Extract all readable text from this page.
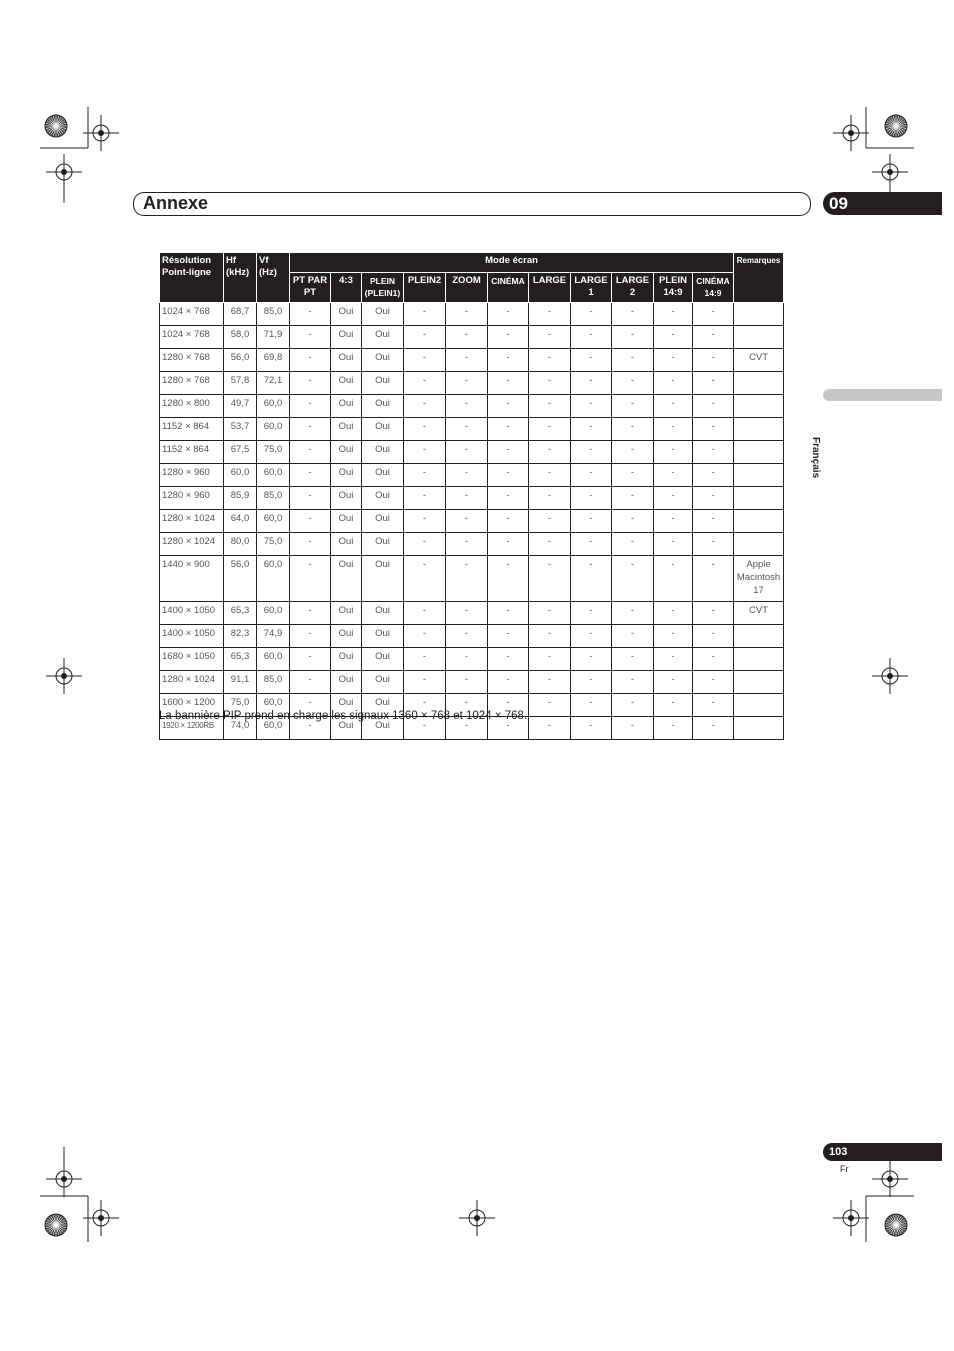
Annexe	09
Français
Résolution Point-ligne	Hf (kHz)	Vf (Hz)	Mode écran											Remarques
			PT PAR PT	4:3	PLEIN (PLEIN1)	PLEIN2	ZOOM	CINÉMA	LARGE	LARGE 1	LARGE 2	PLEIN 14:9	CINÉMA 14:9	
1024 × 768	68,7	85,0	-	Oui	Oui	-	-	-	-	-	-	-	-	
1024 × 768	58,0	71,9	-	Oui	Oui	-	-	-	-	-	-	-	-	
1280 × 768	56,0	69,8	-	Oui	Oui	-	-	-	-	-	-	-	-	CVT
1280 × 768	57,8	72,1	-	Oui	Oui	-	-	-	-	-	-	-	-	
1280 × 800	49,7	60,0	-	Oui	Oui	-	-	-	-	-	-	-	-	
1152 × 864	53,7	60,0	-	Oui	Oui	-	-	-	-	-	-	-	-	
1152 × 864	67,5	75,0	-	Oui	Oui	-	-	-	-	-	-	-	-	
1280 × 960	60,0	60,0	-	Oui	Oui	-	-	-	-	-	-	-	-	
1280 × 960	85,9	85,0	-	Oui	Oui	-	-	-	-	-	-	-	-	
1280 × 1024	64,0	60,0	-	Oui	Oui	-	-	-	-	-	-	-	-	
1280 × 1024	80,0	75,0	-	Oui	Oui	-	-	-	-	-	-	-	-	
1440 × 900	56,0	60,0	-	Oui	Oui	-	-	-	-	-	-	-	-	Apple Macintosh 17
1400 × 1050	65,3	60,0	-	Oui	Oui	-	-	-	-	-	-	-	-	CVT
1400 × 1050	82,3	74,9	-	Oui	Oui	-	-	-	-	-	-	-	-	
1680 × 1050	65,3	60,0	-	Oui	Oui	-	-	-	-	-	-	-	-	
1280 × 1024	91,1	85,0	-	Oui	Oui	-	-	-	-	-	-	-	-	
1600 × 1200	75,0	60,0	-	Oui	Oui	-	-	-	-	-	-	-	-	
1920 × 1200RB	74,0	60,0	-	Oui	Oui	-	-	-	-	-	-	-	-	
La bannière PIP prend en charge les signaux 1360 × 768 et 1024 × 768.
103
Fr
